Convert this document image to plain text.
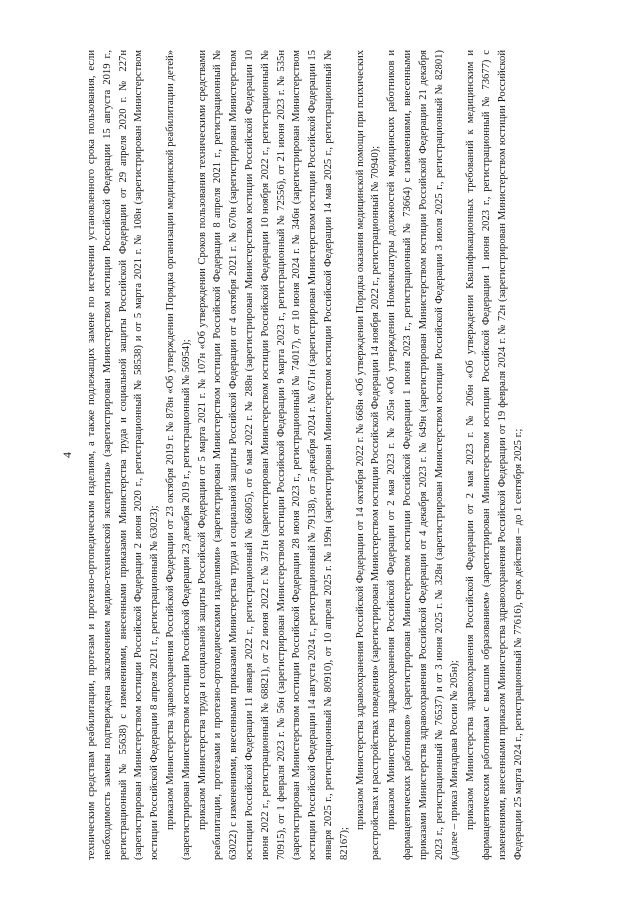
4 техническим средствам реабилитации, протезам и протезно-ортопедическим изделиям, а также подлежащих замене по истечении установленного срока пользования, если необходимость замены подтверждена заключением медико-технической экспертизы» (зарегистрирован Министерством юстиции Российской Федерации 15 августа 2019 г., регистрационный № 55638) с изменениями, внесенными приказами Министерства труда и социальной защиты Российской Федерации от 29 апреля 2020 г. № 227н (зарегистрирован Министерством юстиции Российской Федерации 2 июня 2020 г., регистрационный № 58538) и от 5 марта 2021 г. № 108н (зарегистрирован Министерством юстиции Российской Федерации 8 апреля 2021 г., регистрационный № 63023); приказом Министерства здравоохранения Российской Федерации от 23 октября 2019 г. № 878н «Об утверждении Порядка организации медицинской реабилитации детей» (зарегистрирован Министерством юстиции Российской Федерации 23 декабря 2019 г., регистрационный № 56954); приказом Министерства труда и социальной защиты Российской Федерации от 5 марта 2021 г. № 107н «Об утверждении Сроков пользования техническими средствами реабилитации, протезами и протезно-ортопедическими изделиями» (зарегистрирован Министерством юстиции Российской Федерации 8 апреля 2021 г., регистрационный № 63022) с изменениями, внесенными приказами Министерства труда и социальной защиты Российской Федерации от 4 октября 2021 г. № 670н (зарегистрирован Министерством юстиции Российской Федерации 11 января 2022 г., регистрационный № 66805), от 6 мая 2022 г. № 288н (зарегистрирован Министерством юстиции Российской Федерации 10 июня 2022 г., регистрационный № 68821), от 22 июня 2022 г. № 371н (зарегистрирован Министерством юстиции Российской Федерации 10 ноября 2022 г., регистрационный № 70915), от 1 февраля 2023 г. № 56н (зарегистрирован Министерством юстиции Российской Федерации 9 марта 2023 г., регистрационный № 72556), от 21 июня 2023 г. № 535н (зарегистрирован Министерством юстиции Российской Федерации 28 июня 2023 г., регистрационный № 74017), от 10 июня 2024 г. № 346н (зарегистрирован Министерством юстиции Российской Федерации 14 августа 2024 г., регистрационный № 79138), от 5 декабря 2024 г. № 671н (зарегистрирован Министерством юстиции Российской Федерации 15 января 2025 г., регистрационный № 80910), от 10 апреля 2025 г. № 199н (зарегистрирован Министерством юстиции Российской Федерации 14 мая 2025 г., регистрационный № 82167);

приказом Министерства здравоохранения Российской Федерации от 14 октября 2022 г. № 668н «Об утверждении Порядка оказания медицинской помощи при психических расстройствах и расстройствах поведения» (зарегистрирован Министерством юстиции Российской Федерации 14 ноября 2022 г., регистрационный № 70940); приказом Министерства здравоохранения Российской Федерации от 2 мая 2023 г. № 205н «Об утверждении Номенклатуры должностей медицинских работников и фармацевтических работников» (зарегистрирован Министерством юстиции Российской Федерации 1 июня 2023 г., регистрационный № 73664) с изменениями, внесенными приказами Министерства здравоохранения Российской Федерации от 4 декабря 2023 г. № 649н (зарегистрирован Министерством юстиции Российской Федерации 21 декабря 2023 г., регистрационный № 76537) и от 3 июня 2025 г. № 328н (зарегистрирован Министерством юстиции Российской Федерации 3 июля 2025 г., регистрационный № 82801) (далее – приказ Минздрава России № 205н); приказом Министерства здравоохранения Российской Федерации от 2 мая 2023 г. № 206н «Об утверждении Квалификационных требований к медицинским и фармацевтическим работникам с высшим образованием» (зарегистрирован Министерством юстиции Российской Федерации 1 июня 2023 г., регистрационный № 73677) с изменениями, внесенными приказом Министерства здравоохранения Российской Федерации от 19 февраля 2024 г. № 72н (зарегистрирован Министерством юстиции Российской Федерации 25 марта 2024 г., регистрационный № 77616), срок действия – до 1 сентября 2025 г.;
